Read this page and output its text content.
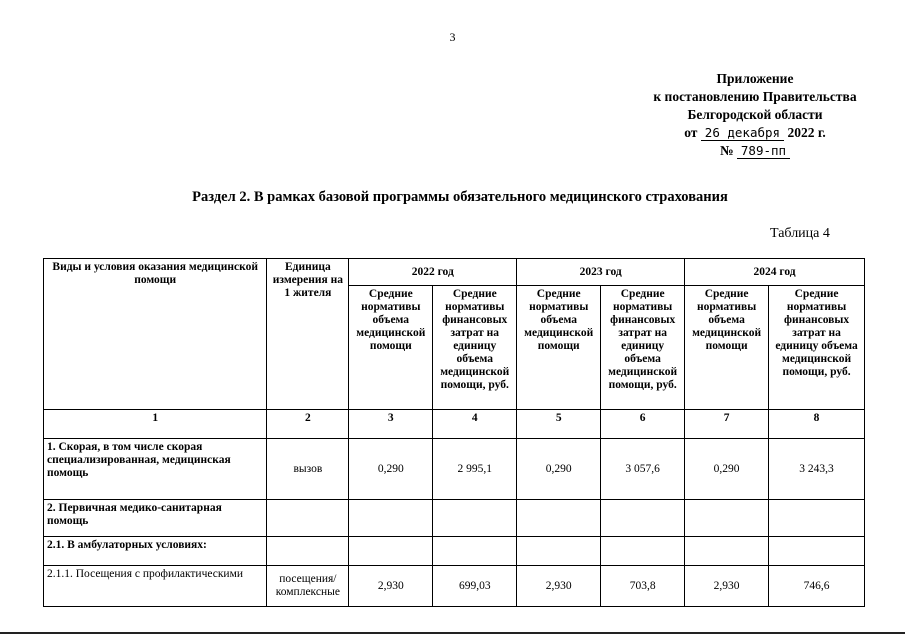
3
Приложение
к постановлению Правительства
Белгородской области
от 26 декабря 2022 г.
№ 789-пп
Раздел 2. В рамках базовой программы обязательного медицинского страхования
Таблица 4
Виды и условия оказания медицинской помощи	Единица измерения на 1 жителя	2022 год		2023 год		2024 год	
		Средние нормативы объема медицинской помощи	Средние нормативы финансовых затрат на единицу объема медицинской помощи, руб.	Средние нормативы объема медицинской помощи	Средние нормативы финансовых затрат на единицу объема медицинской помощи, руб.	Средние нормативы объема медицинской помощи	Средние нормативы финансовых затрат на единицу объема медицинской помощи, руб.
1	2	3	4	5	6	7	8
1. Скорая, в том числе скорая специализированная, медицинская помощь	вызов	0,290	2 995,1	0,290	3 057,6	0,290	3 243,3
2. Первичная медико-санитарная помощь							
2.1. В амбулаторных условиях:							
2.1.1. Посещения с профилактическими	посещения/ комплексные	2,930	699,03	2,930	703,8	2,930	746,6
